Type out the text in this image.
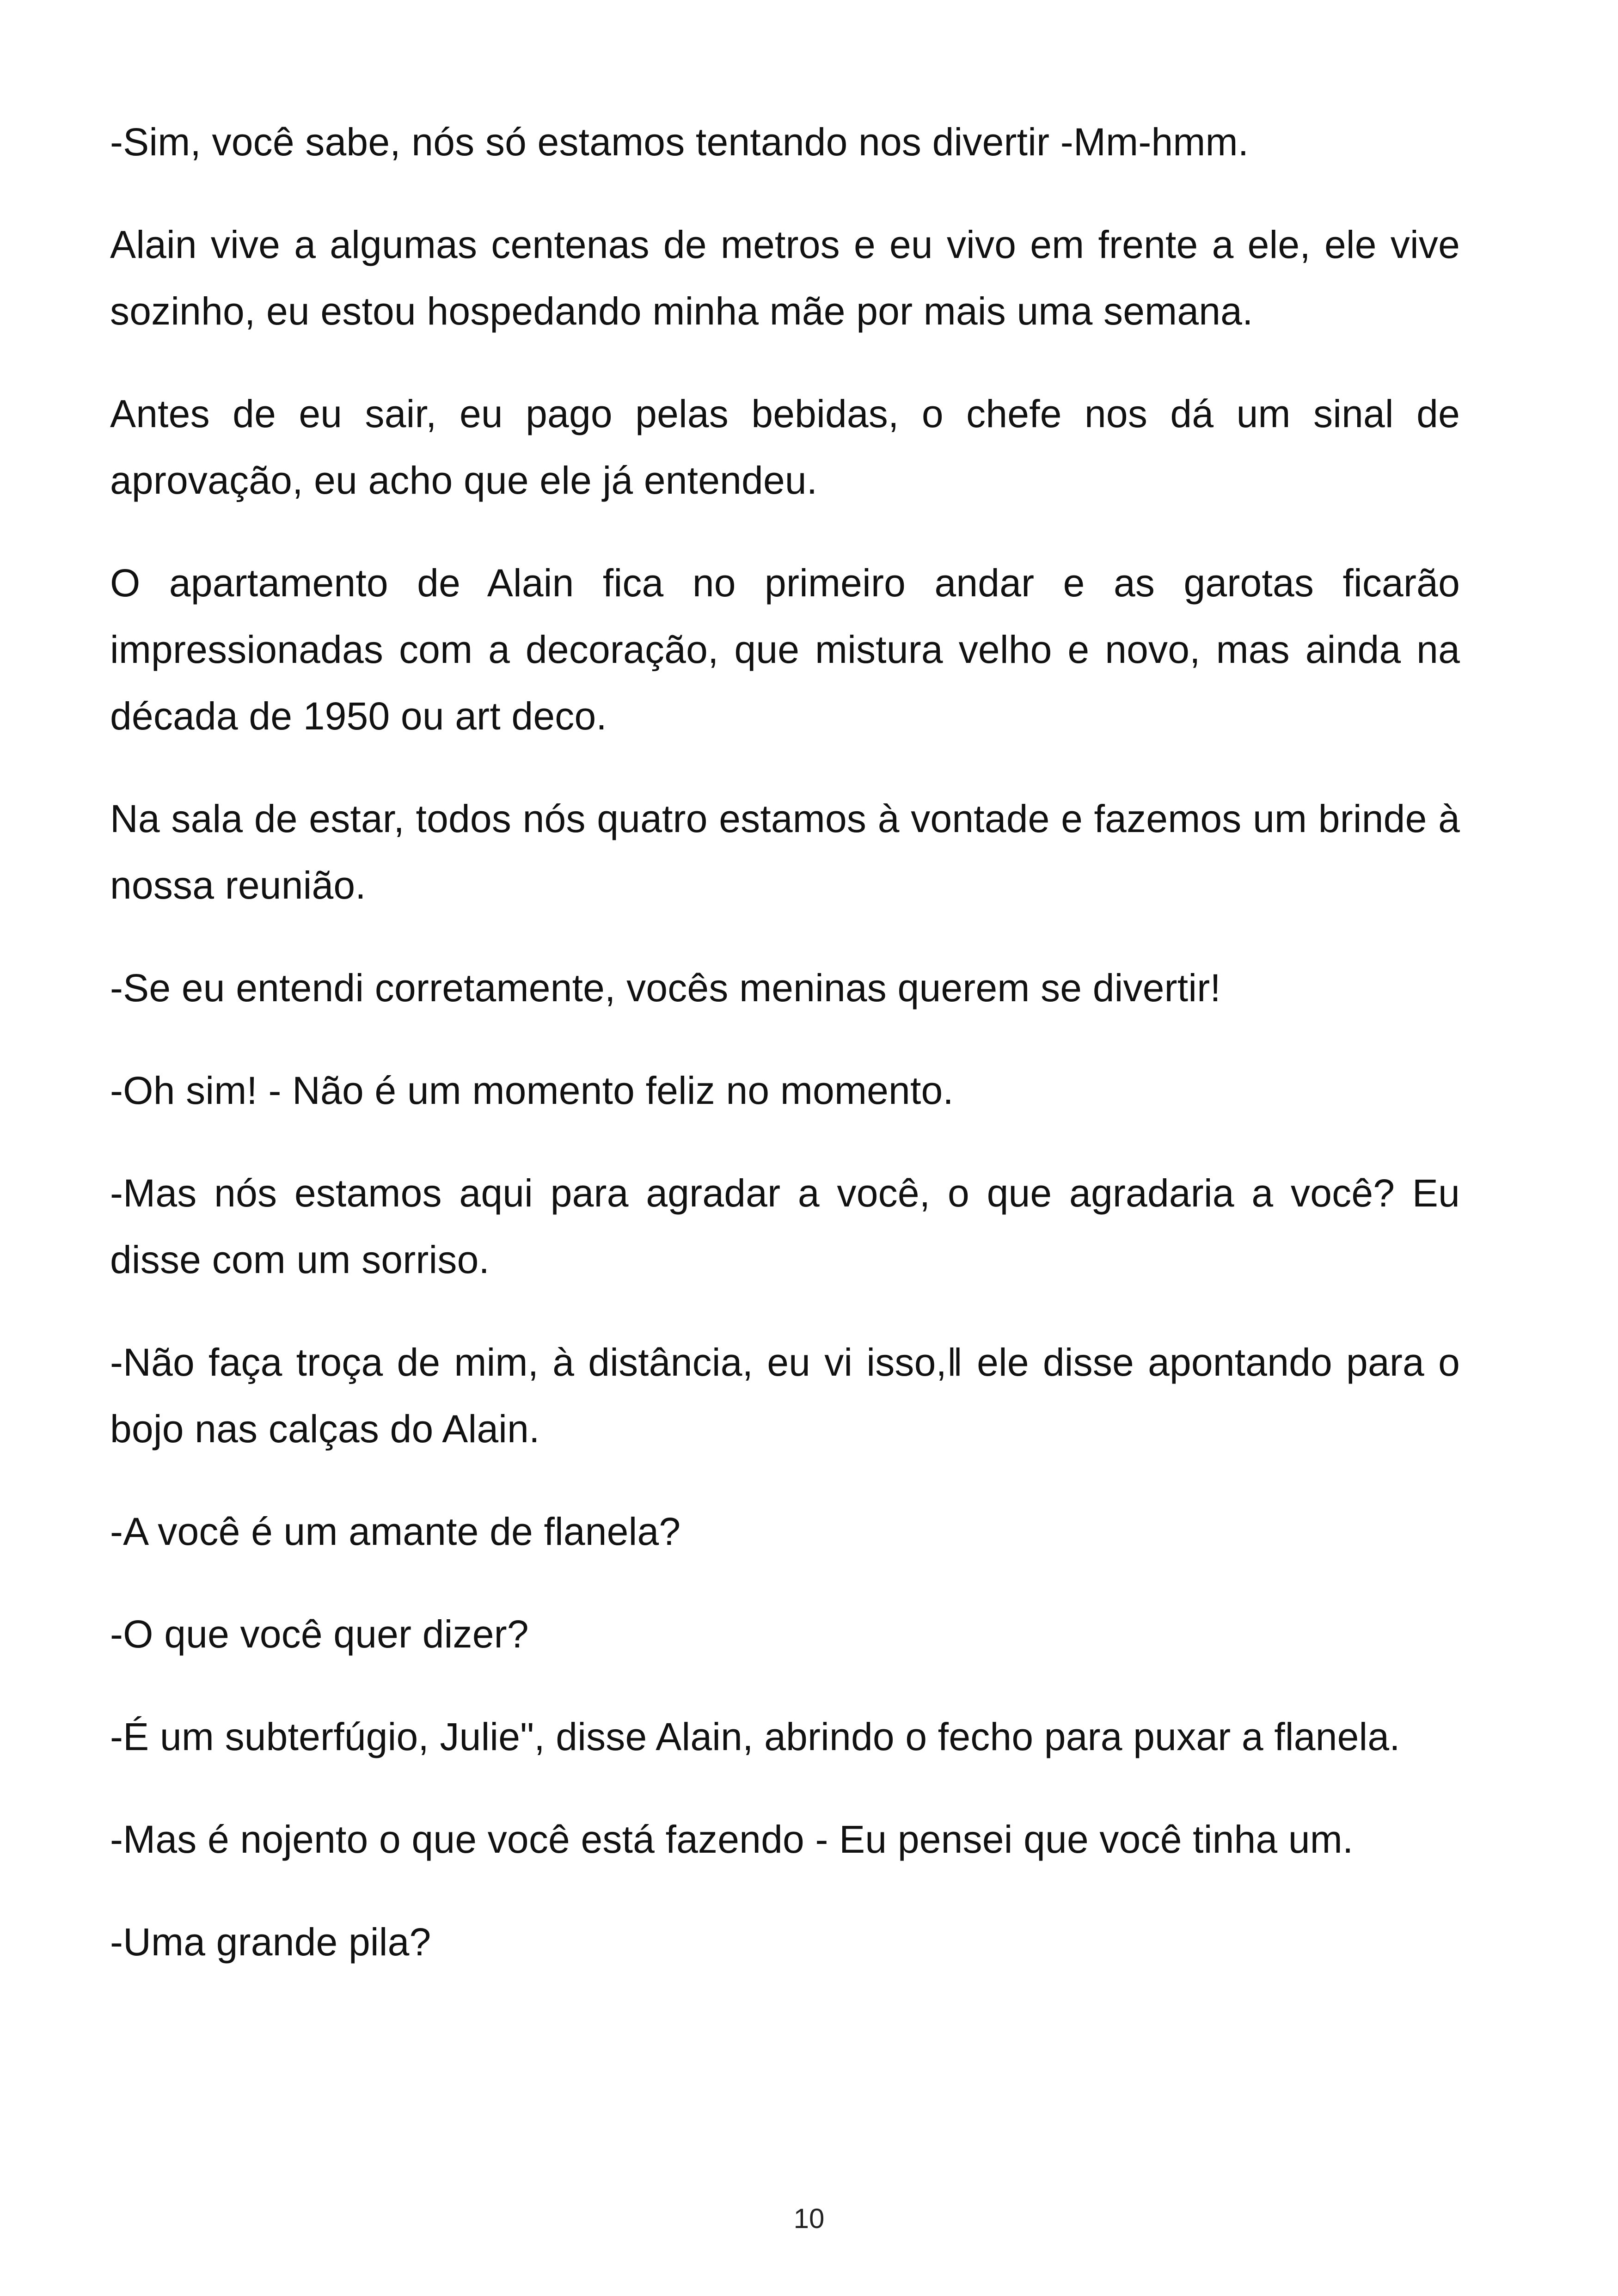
-Sim, você sabe, nós só estamos tentando nos divertir -Mm-hmm.

Alain vive a algumas centenas de metros e eu vivo em frente a ele, ele vive sozinho, eu estou hospedando minha mãe por mais uma semana.

Antes de eu sair, eu pago pelas bebidas, o chefe nos dá um sinal de aprovação, eu acho que ele já entendeu.

O apartamento de Alain fica no primeiro andar e as garotas ficarão impressionadas com a decoração, que mistura velho e novo, mas ainda na década de 1950 ou art deco.

Na sala de estar, todos nós quatro estamos à vontade e fazemos um brinde à nossa reunião.

-Se eu entendi corretamente, vocês meninas querem se divertir!

-Oh sim! - Não é um momento feliz no momento.

-Mas nós estamos aqui para agradar a você, o que agradaria a você? Eu disse com um sorriso.

-Não faça troça de mim, à distância, eu vi isso,‖ ele disse apontando para o bojo nas calças do Alain.

-A você é um amante de flanela?

-O que você quer dizer?

-É um subterfúgio, Julie", disse Alain, abrindo o fecho para puxar a flanela.

-Mas é nojento o que você está fazendo - Eu pensei que você tinha um.

-Uma grande pila?

10
